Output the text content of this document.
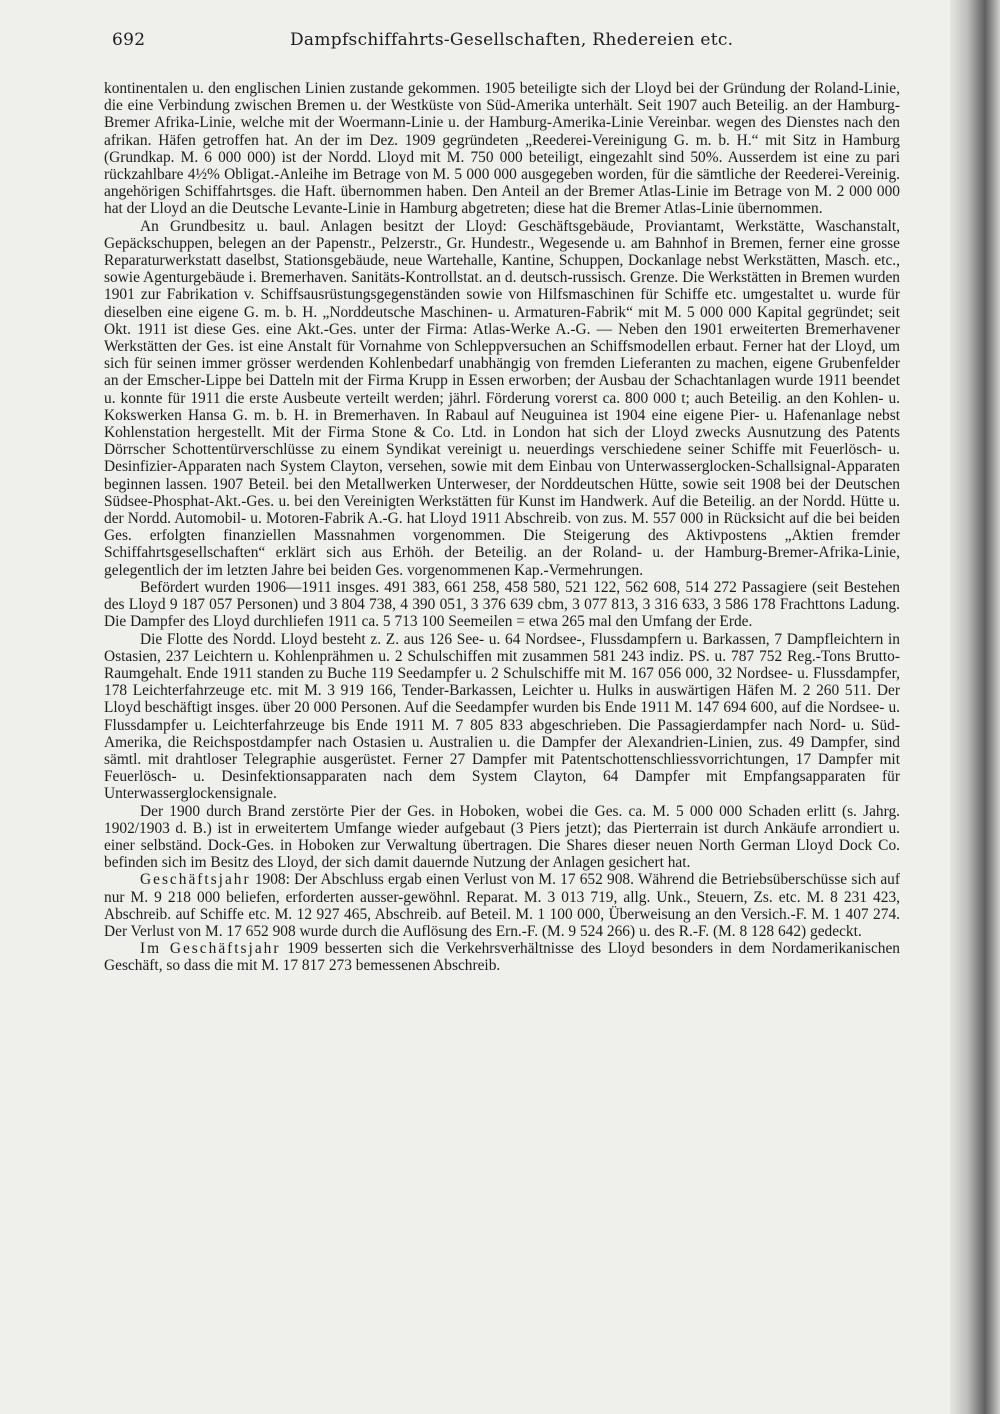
692	Dampfschiffahrts-Gesellschaften, Rhedereien etc.

kontinentalen u. den englischen Linien zustande gekommen. 1905 beteiligte sich der Lloyd bei der Gründung der Roland-Linie, die eine Verbindung zwischen Bremen u. der Westküste von Süd-Amerika unterhält. Seit 1907 auch Beteilig. an der Hamburg-Bremer Afrika-Linie, welche mit der Woermann-Linie u. der Hamburg-Amerika-Linie Vereinbar. wegen des Dienstes nach den afrikan. Häfen getroffen hat. An der im Dez. 1909 gegründeten „Reederei-Vereinigung G. m. b. H.“ mit Sitz in Hamburg (Grundkap. M. 6 000 000) ist der Nordd. Lloyd mit M. 750 000 beteiligt, eingezahlt sind 50%. Ausserdem ist eine zu pari rückzahlbare 4½% Obligat.-Anleihe im Betrage von M. 5 000 000 ausgegeben worden, für die sämtliche der Reederei-Vereinig. angehörigen Schiffahrtsges. die Haft. übernommen haben. Den Anteil an der Bremer Atlas-Linie im Betrage von M. 2 000 000 hat der Lloyd an die Deutsche Levante-Linie in Hamburg abgetreten; diese hat die Bremer Atlas-Linie übernommen.

An Grundbesitz u. baul. Anlagen besitzt der Lloyd: Geschäftsgebäude, Proviantamt, Werkstätte, Waschanstalt, Gepäckschuppen, belegen an der Papenstr., Pelzerstr., Gr. Hundestr., Wegesende u. am Bahnhof in Bremen, ferner eine grosse Reparaturwerkstatt daselbst, Stationsgebäude, neue Wartehalle, Kantine, Schuppen, Dockanlage nebst Werkstätten, Masch. etc., sowie Agenturgebäude i. Bremerhaven. Sanitäts-Kontrollstat. an d. deutsch-russisch. Grenze. Die Werkstätten in Bremen wurden 1901 zur Fabrikation v. Schiffsausrüstungsgegenständen sowie von Hilfsmaschinen für Schiffe etc. umgestaltet u. wurde für dieselben eine eigene G. m. b. H. „Norddeutsche Maschinen- u. Armaturen-Fabrik“ mit M. 5 000 000 Kapital gegründet; seit Okt. 1911 ist diese Ges. eine Akt.-Ges. unter der Firma: Atlas-Werke A.-G. — Neben den 1901 erweiterten Bremerhavener Werkstätten der Ges. ist eine Anstalt für Vornahme von Schleppversuchen an Schiffsmodellen erbaut. Ferner hat der Lloyd, um sich für seinen immer grösser werdenden Kohlenbedarf unabhängig von fremden Lieferanten zu machen, eigene Grubenfelder an der Emscher-Lippe bei Datteln mit der Firma Krupp in Essen erworben; der Ausbau der Schachtanlagen wurde 1911 beendet u. konnte für 1911 die erste Ausbeute verteilt werden; jährl. Förderung vorerst ca. 800 000 t; auch Beteilig. an den Kohlen- u. Kokswerken Hansa G. m. b. H. in Bremerhaven. In Rabaul auf Neuguinea ist 1904 eine eigene Pier- u. Hafenanlage nebst Kohlenstation hergestellt. Mit der Firma Stone & Co. Ltd. in London hat sich der Lloyd zwecks Ausnutzung des Patents Dörrscher Schottentürverschlüsse zu einem Syndikat vereinigt u. neuerdings verschiedene seiner Schiffe mit Feuerlösch- u. Desinfizier-Apparaten nach System Clayton, versehen, sowie mit dem Einbau von Unterwasserglocken-Schallsignal-Apparaten beginnen lassen. 1907 Beteil. bei den Metallwerken Unterweser, der Norddeutschen Hütte, sowie seit 1908 bei der Deutschen Südsee-Phosphat-Akt.-Ges. u. bei den Vereinigten Werkstätten für Kunst im Handwerk. Auf die Beteilig. an der Nordd. Hütte u. der Nordd. Automobil- u. Motoren-Fabrik A.-G. hat Lloyd 1911 Abschreib. von zus. M. 557 000 in Rücksicht auf die bei beiden Ges. erfolgten finanziellen Massnahmen vorgenommen. Die Steigerung des Aktivpostens „Aktien fremder Schiffahrtsgesellschaften“ erklärt sich aus Erhöh. der Beteilig. an der Roland- u. der Hamburg-Bremer-Afrika-Linie, gelegentlich der im letzten Jahre bei beiden Ges. vorgenommenen Kap.-Vermehrungen.

Befördert wurden 1906—1911 insges. 491 383, 661 258, 458 580, 521 122, 562 608, 514 272 Passagiere (seit Bestehen des Lloyd 9 187 057 Personen) und 3 804 738, 4 390 051, 3 376 639 cbm, 3 077 813, 3 316 633, 3 586 178 Frachttons Ladung. Die Dampfer des Lloyd durchliefen 1911 ca. 5 713 100 Seemeilen = etwa 265 mal den Umfang der Erde.

Die Flotte des Nordd. Lloyd besteht z. Z. aus 126 See- u. 64 Nordsee-, Flussdampfern u. Barkassen, 7 Dampfleichtern in Ostasien, 237 Leichtern u. Kohlenprähmen u. 2 Schulschiffen mit zusammen 581 243 indiz. PS. u. 787 752 Reg.-Tons Brutto-Raumgehalt. Ende 1911 standen zu Buche 119 Seedampfer u. 2 Schulschiffe mit M. 167 056 000, 32 Nordsee- u. Flussdampfer, 178 Leichterfahrzeuge etc. mit M. 3 919 166, Tender-Barkassen, Leichter u. Hulks in auswärtigen Häfen M. 2 260 511. Der Lloyd beschäftigt insges. über 20 000 Personen. Auf die Seedampfer wurden bis Ende 1911 M. 147 694 600, auf die Nordsee- u. Flussdampfer u. Leichterfahrzeuge bis Ende 1911 M. 7 805 833 abgeschrieben. Die Passagierdampfer nach Nord- u. Süd-Amerika, die Reichspostdampfer nach Ostasien u. Australien u. die Dampfer der Alexandrien-Linien, zus. 49 Dampfer, sind sämtl. mit drahtloser Telegraphie ausgerüstet. Ferner 27 Dampfer mit Patentschottenschliessvorrichtungen, 17 Dampfer mit Feuerlösch- u. Desinfektionsapparaten nach dem System Clayton, 64 Dampfer mit Empfangsapparaten für Unterwasserglockensignale.

Der 1900 durch Brand zerstörte Pier der Ges. in Hoboken, wobei die Ges. ca. M. 5 000 000 Schaden erlitt (s. Jahrg. 1902/1903 d. B.) ist in erweitertem Umfange wieder aufgebaut (3 Piers jetzt); das Pierterrain ist durch Ankäufe arrondiert u. einer selbständ. Dock-Ges. in Hoboken zur Verwaltung übertragen. Die Shares dieser neuen North German Lloyd Dock Co. befinden sich im Besitz des Lloyd, der sich damit dauernde Nutzung der Anlagen gesichert hat.

Geschäftsjahr 1908: Der Abschluss ergab einen Verlust von M. 17 652 908. Während die Betriebsüberschüsse sich auf nur M. 9 218 000 beliefen, erforderten ausser-gewöhnl. Reparat. M. 3 013 719, allg. Unk., Steuern, Zs. etc. M. 8 231 423, Abschreib. auf Schiffe etc. M. 12 927 465, Abschreib. auf Beteil. M. 1 100 000, Überweisung an den Versich.-F. M. 1 407 274. Der Verlust von M. 17 652 908 wurde durch die Auflösung des Ern.-F. (M. 9 524 266) u. des R.-F. (M. 8 128 642) gedeckt.

Im Geschäftsjahr 1909 besserten sich die Verkehrsverhältnisse des Lloyd besonders in dem Nordamerikanischen Geschäft, so dass die mit M. 17 817 273 bemessenen Abschreib.
